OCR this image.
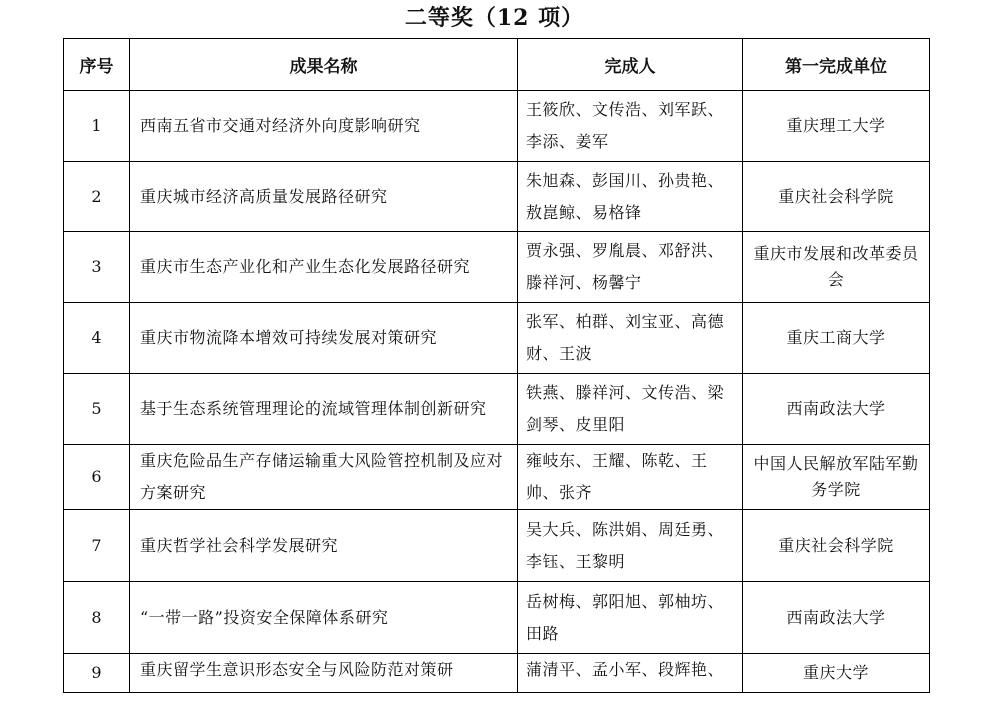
二等奖（12 项）
序号	成果名称	完成人	第一完成单位
1	西南五省市交通对经济外向度影响研究	王筱欣、文传浩、刘军跃、李添、姜军	重庆理工大学
2	重庆城市经济高质量发展路径研究	朱旭森、彭国川、孙贵艳、敖崑鲸、易格锋	重庆社会科学院
3	重庆市生态产业化和产业生态化发展路径研究	贾永强、罗胤晨、邓舒洪、滕祥河、杨馨宁	重庆市发展和改革委员会
4	重庆市物流降本增效可持续发展对策研究	张军、柏群、刘宝亚、高德财、王波	重庆工商大学
5	基于生态系统管理理论的流域管理体制创新研究	铁燕、滕祥河、文传浩、梁剑琴、皮里阳	西南政法大学
6	重庆危险品生产存储运输重大风险管控机制及应对方案研究	雍岐东、王耀、陈乾、王帅、张齐	中国人民解放军陆军勤务学院
7	重庆哲学社会科学发展研究	吴大兵、陈洪娟、周廷勇、李钰、王黎明	重庆社会科学院
8	“一带一路”投资安全保障体系研究	岳树梅、郭阳旭、郭柚坊、田路	西南政法大学
9	重庆留学生意识形态安全与风险防范对策研	蒲清平、孟小军、段辉艳、	重庆大学
